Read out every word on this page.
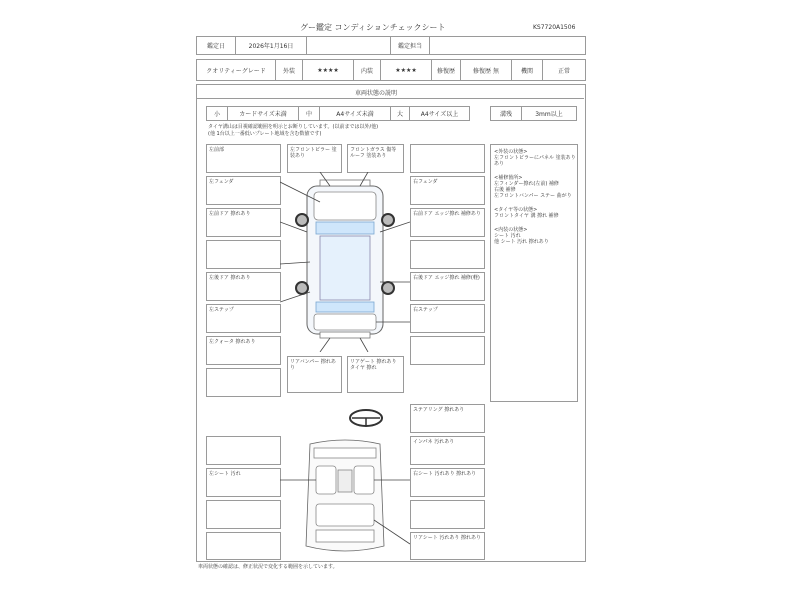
グー鑑定 コンディションチェックシート	KS7720A1506
鑑定日	2026年1月16日	鑑定担当
クオリティーグレード	外装	★★★★	内装	★★★★	修復歴	修復歴 無	機関	正常
車両状態の説明
小	カードサイズ未満	中	A4サイズ未満	大	A4サイズ以上	溝残	3mm以上
タイヤ溝山は目視確認範囲を明示とお断りしています。(以前までは以外/他)
(他 1台以上一番低いプレート地域を含む数値です)
左前部
左フェンダ
左前ドア 擦れあり
左後ドア 擦れあり
左ステップ
左クォータ 擦れあり
左フロントピラー 塗装あり
フロントガラス 傷等 ルーフ 塗装あり
右フェンダ
右前ドア エッジ擦れ 補修あり
右後ドア エッジ擦れ 補修(軽)
右ステップ
リアバンパー 擦れあり
リアゲート 擦れあり タイヤ 擦れ
<外装の状態>
左フロントピラーにパネル 塗装あり
あり
<補修箇所>
左フィンダー擦れ(左前) 補修
右後 補修
左フロントバンパー ステー 曲がり
<タイヤ等の状態>
フロントタイヤ 溝 擦れ 補修
<内装の状態>
シート 汚れ
他 シート 汚れ 擦れあり
ステアリング 擦れあり
インパネ 汚れあり
右シート 汚れあり 擦れあり
リアシート 汚れあり 擦れあり
左シート 汚れ
車両状態の確認は、修正状況で変化する範囲を示しています。
